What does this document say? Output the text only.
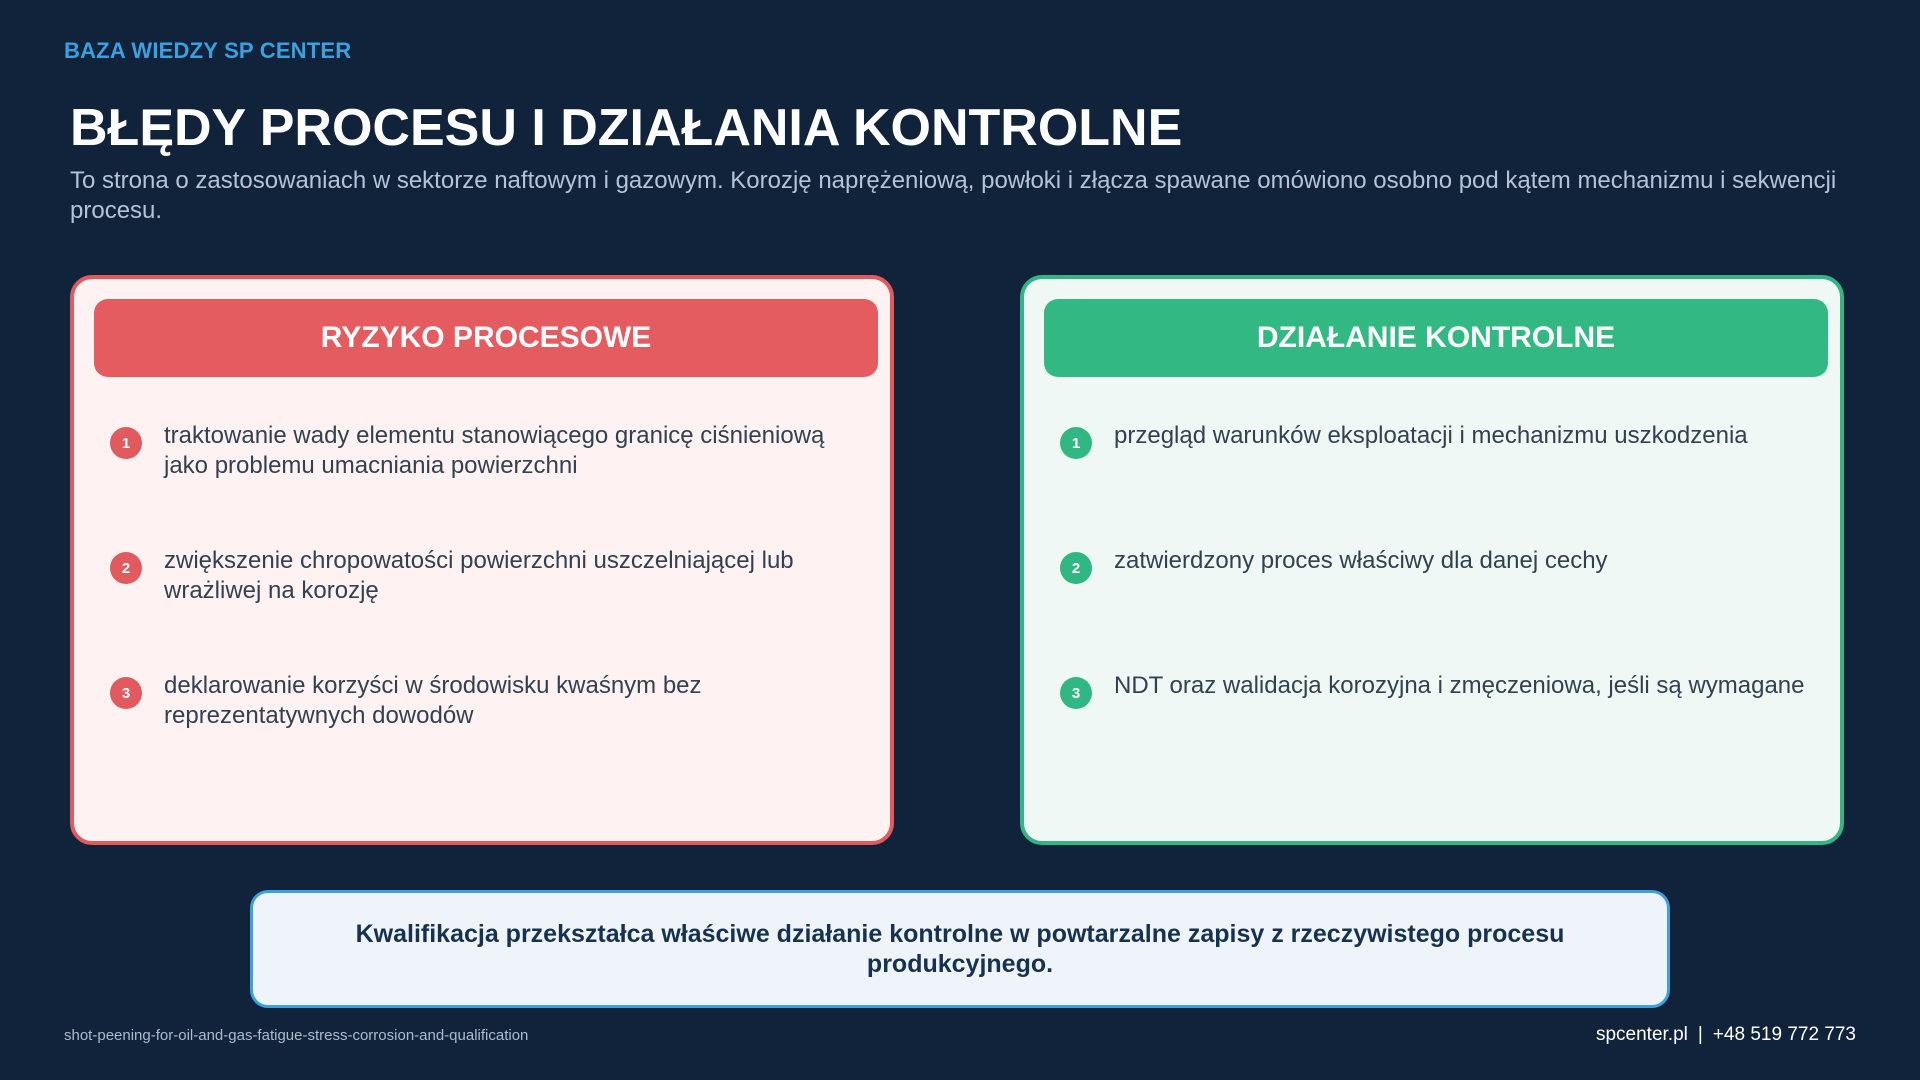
BAZA WIEDZY SP CENTER
BŁĘDY PROCESU I DZIAŁANIA KONTROLNE

To strona o zastosowaniach w sektorze naftowym i gazowym. Korozję naprężeniową, powłoki i złącza spawane omówiono osobno pod kątem mechanizmu i sekwencji procesu.

RYZYKO PROCESOWE
1	traktowanie wady elementu stanowiącego granicę ciśnieniową jako problemu umacniania powierzchni
2	zwiększenie chropowatości powierzchni uszczelniającej lub wrażliwej na korozję
3	deklarowanie korzyści w środowisku kwaśnym bez reprezentatywnych dowodów
DZIAŁANIE KONTROLNE
1	przegląd warunków eksploatacji i mechanizmu uszkodzenia
2	zatwierdzony proces właściwy dla danej cechy
3	NDT oraz walidacja korozyjna i zmęczeniowa, jeśli są wymagane
Kwalifikacja przekształca właściwe działanie kontrolne w powtarzalne zapisy z rzeczywistego procesu produkcyjnego.
shot-peening-for-oil-and-gas-fatigue-stress-corrosion-and-qualification	spcenter.pl | +48 519 772 773
